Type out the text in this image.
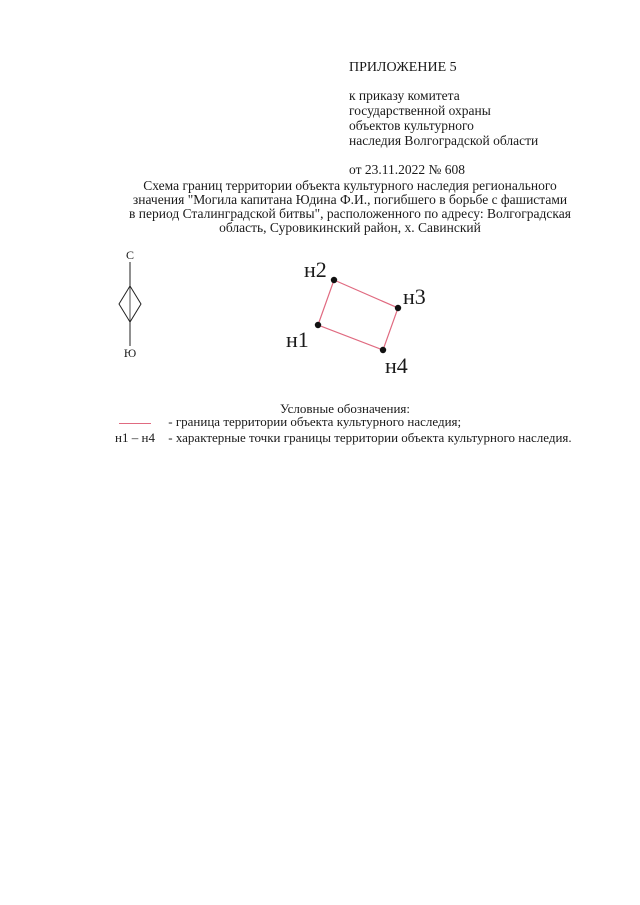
ПРИЛОЖЕНИЕ 5
к приказу комитета
государственной охраны
объектов культурного
наследия Волгоградской области
от 23.11.2022 № 608
Схема границ территории объекта культурного наследия регионального
значения "Могила капитана Юдина Ф.И., погибшего в борьбе с фашистами
в период Сталинградской битвы", расположенного по адресу: Волгоградская
область, Суровикинский район, х. Савинский
С
Ю
н1
н2
н3
н4
Условные обозначения:
- граница территории объекта культурного наследия;
н1 – н4 - характерные точки границы территории объекта культурного наследия.
